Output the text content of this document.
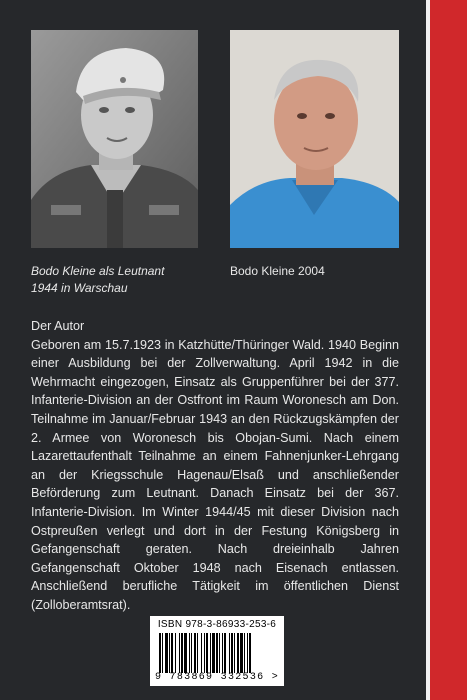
Bodo Kleine als Leutnant
1944 in Warschau
Bodo Kleine 2004

Der Autor

Geboren am 15.7.1923 in Katzhütte/Thüringer Wald. 1940 Beginn einer Ausbildung bei der Zollverwaltung. April 1942 in die Wehrmacht eingezogen, Einsatz als Gruppenführer bei der 377. Infanterie-Division an der Ostfront im Raum Woronesch am Don. Teilnahme im Januar/Februar 1943 an den Rückzugskämpfen der 2. Armee von Woronesch bis Obojan-Sumi. Nach einem Lazarettaufenthalt Teilnahme an einem Fahnenjunker-Lehrgang an der Kriegsschule Hagenau/Elsaß und anschließender Beförderung zum Leutnant. Danach Einsatz bei der 367. Infanterie-Division. Im Winter 1944/45 mit dieser Division nach Ostpreußen verlegt und dort in der Festung Königsberg in Gefangenschaft geraten. Nach dreieinhalb Jahren Gefangenschaft Oktober 1948 nach Eisenach entlassen. Anschließend berufliche Tätigkeit im öffentlichen Dienst (Zolloberamtsrat).

ISBN 978-3-86933-253-6
9 783869 332536 >
